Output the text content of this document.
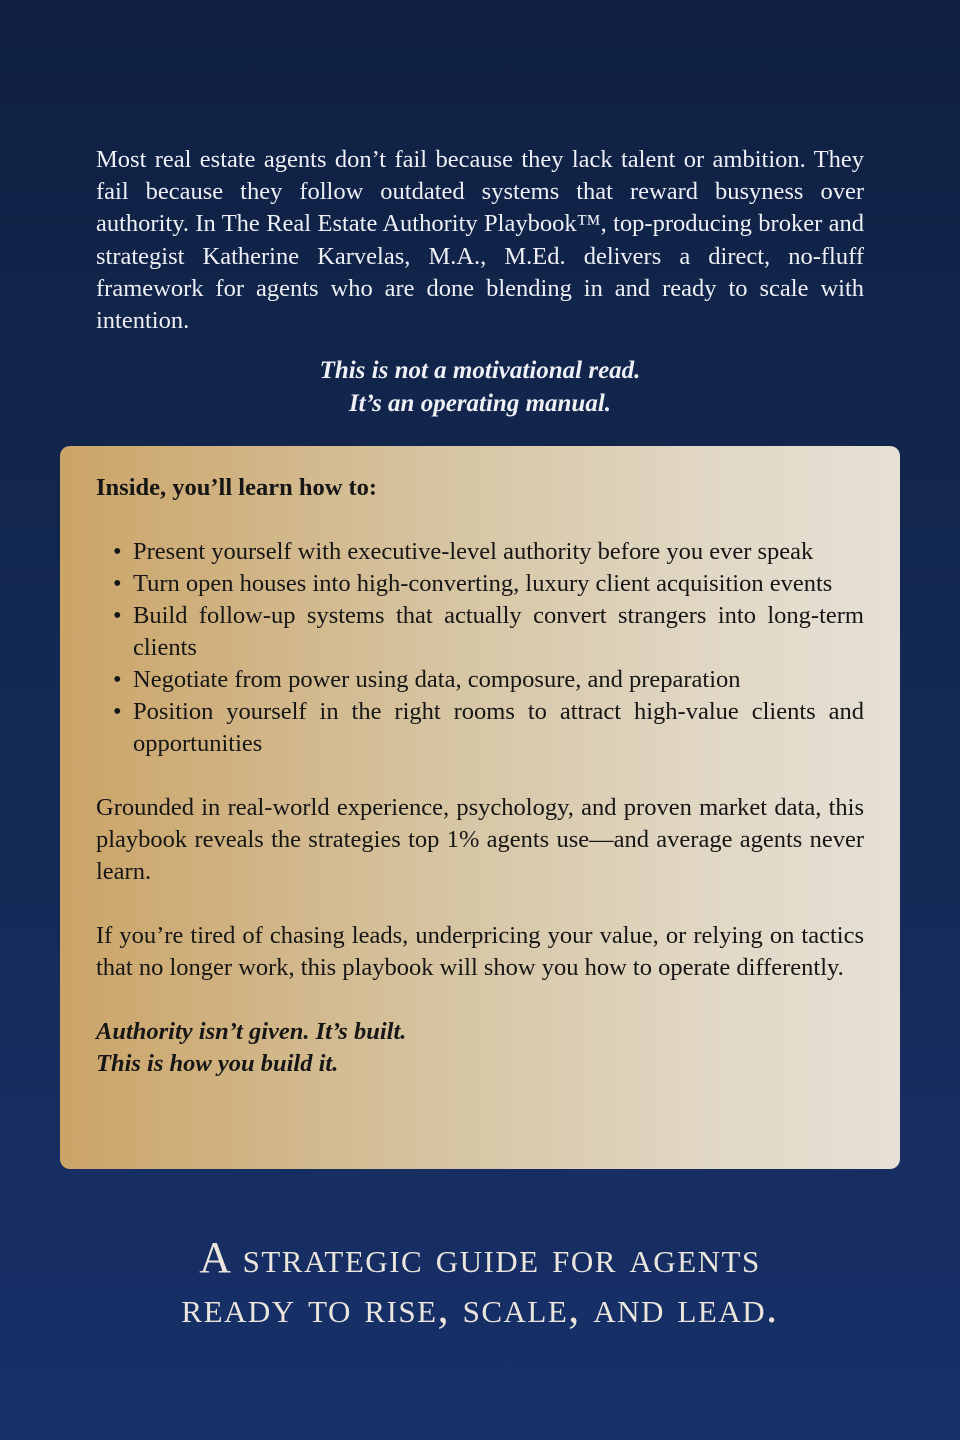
Most real estate agents don’t fail because they lack talent or ambition. They fail because they follow outdated systems that reward busyness over authority. In The Real Estate Authority Playbook™, top-producing broker and strategist Katherine Karvelas, M.A., M.Ed. delivers a direct, no-fluff framework for agents who are done blending in and ready to scale with intention.

This is not a motivational read.
It’s an operating manual.

Inside, you’ll learn how to:

• Present yourself with executive-level authority before you ever speak
• Turn open houses into high-converting, luxury client acquisition events
• Build follow-up systems that actually convert strangers into long-term clients
• Negotiate from power using data, composure, and preparation
• Position yourself in the right rooms to attract high-value clients and opportunities

Grounded in real-world experience, psychology, and proven market data, this playbook reveals the strategies top 1% agents use—and average agents never learn.

If you’re tired of chasing leads, underpricing your value, or relying on tactics that no longer work, this playbook will show you how to operate differently.

Authority isn’t given. It’s built.
This is how you build it.
A strategic guide for agents
ready to rise, scale, and lead.
